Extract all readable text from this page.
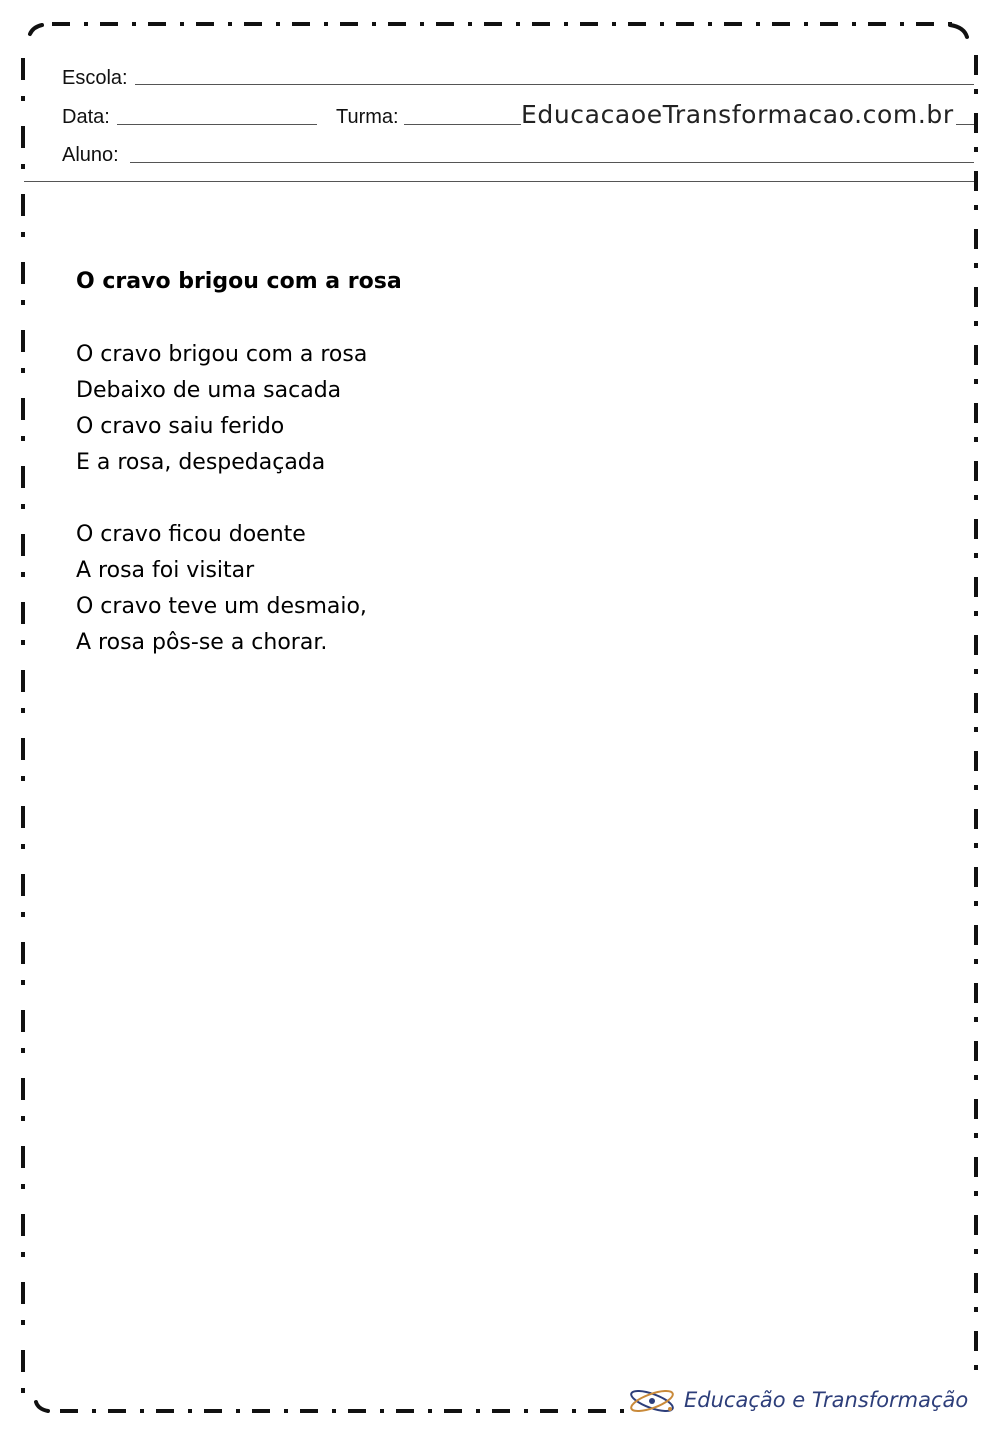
Escola:
Data:	Turma:	EducacaoeTransformacao.com.br
Aluno:
O cravo brigou com a rosa
O cravo brigou com a rosa
Debaixo de uma sacada
O cravo saiu ferido
E a rosa, despedaçada
O cravo ficou doente
A rosa foi visitar
O cravo teve um desmaio,
A rosa pôs-se a chorar.
Educação e Transformação
